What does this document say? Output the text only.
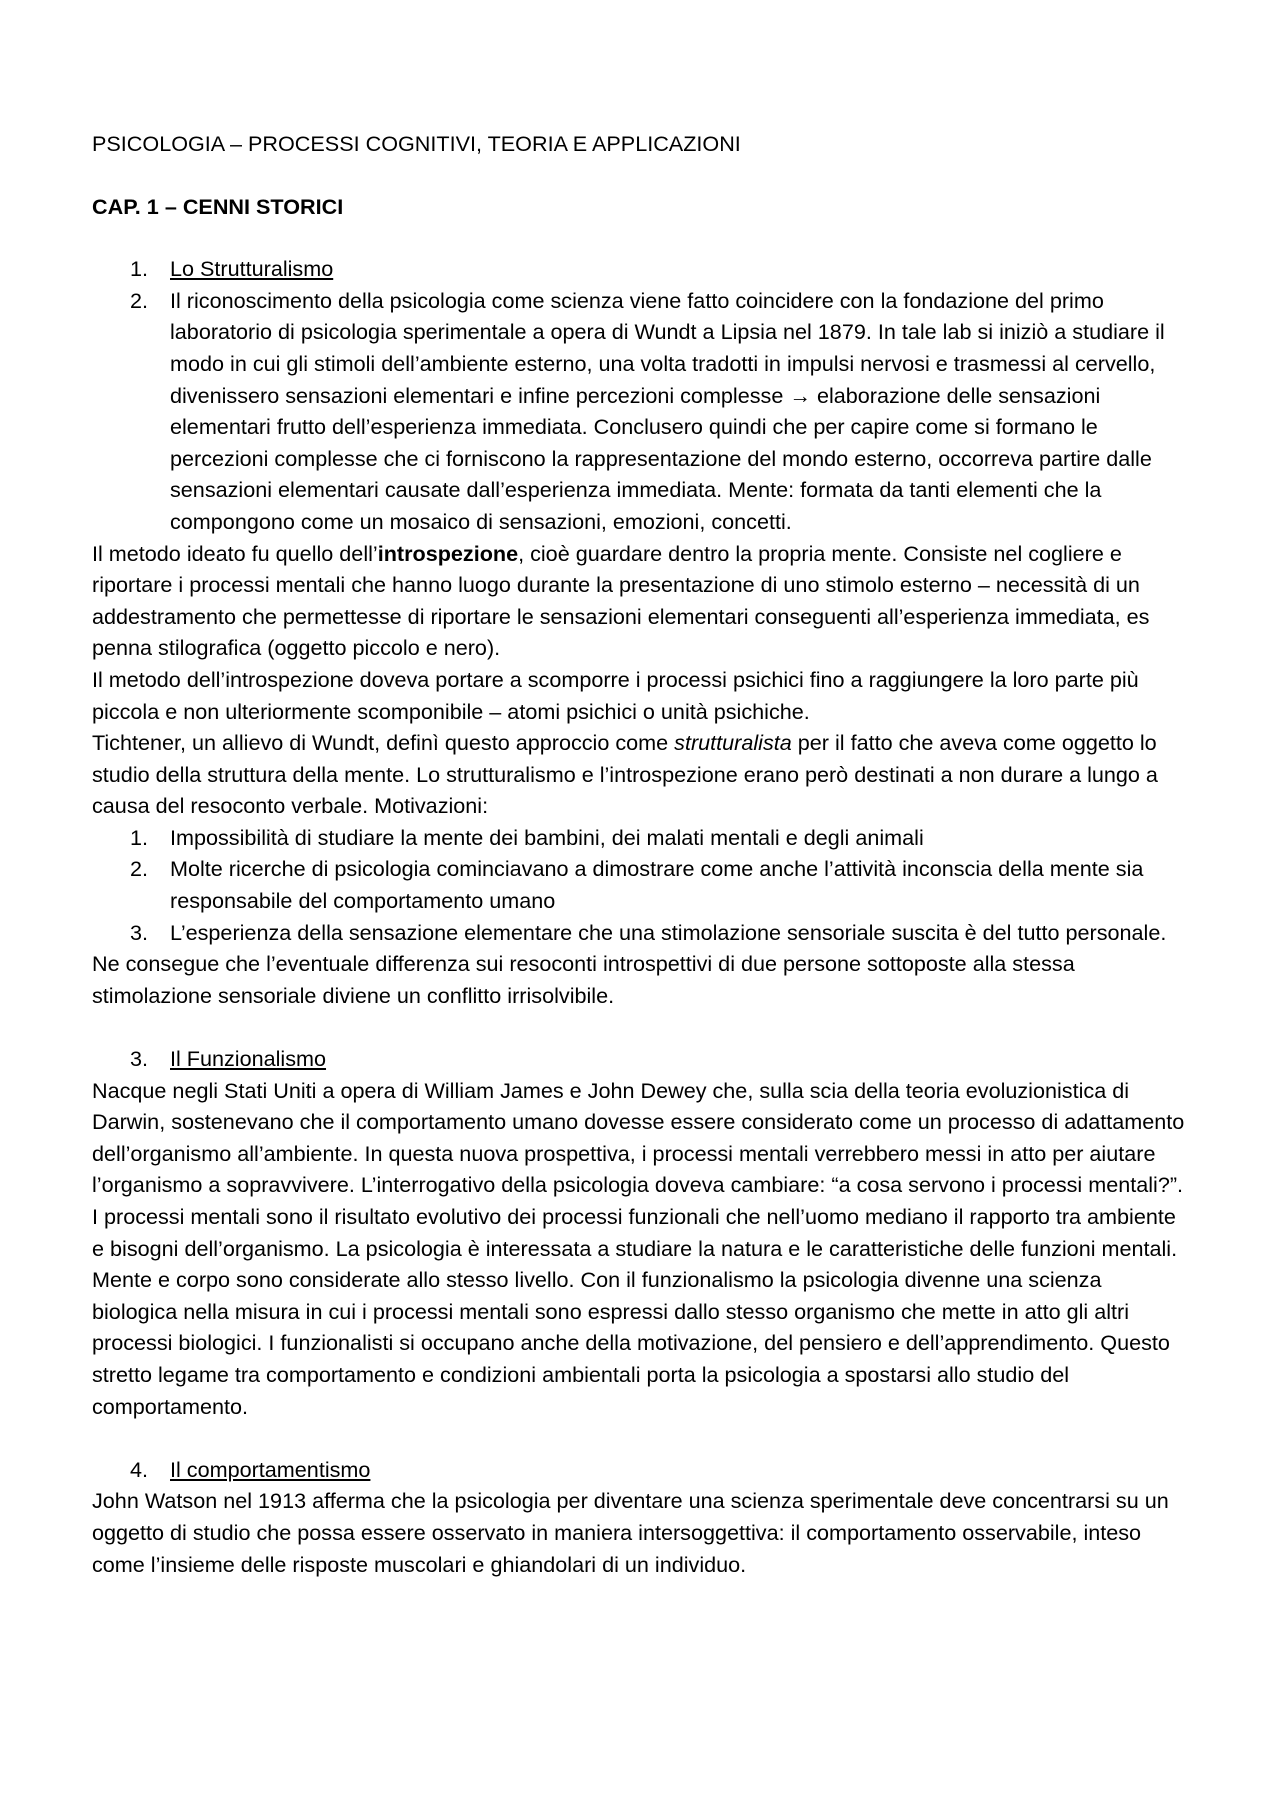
PSICOLOGIA – PROCESSI COGNITIVI, TEORIA E APPLICAZIONI

CAP. 1 – CENNI STORICI

1. Lo Strutturalismo
2. Il riconoscimento della psicologia come scienza viene fatto coincidere con la fondazione del primo laboratorio di psicologia sperimentale a opera di Wundt a Lipsia nel 1879. In tale lab si iniziò a studiare il modo in cui gli stimoli dell’ambiente esterno, una volta tradotti in impulsi nervosi e trasmessi al cervello, divenissero sensazioni elementari e infine percezioni complesse → elaborazione delle sensazioni elementari frutto dell’esperienza immediata. Conclusero quindi che per capire come si formano le percezioni complesse che ci forniscono la rappresentazione del mondo esterno, occorreva partire dalle sensazioni elementari causate dall’esperienza immediata. Mente: formata da tanti elementi che la compongono come un mosaico di sensazioni, emozioni, concetti.

Il metodo ideato fu quello dell’introspezione, cioè guardare dentro la propria mente. Consiste nel cogliere e riportare i processi mentali che hanno luogo durante la presentazione di uno stimolo esterno – necessità di un addestramento che permettesse di riportare le sensazioni elementari conseguenti all’esperienza immediata, es penna stilografica (oggetto piccolo e nero).

Il metodo dell’introspezione doveva portare a scomporre i processi psichici fino a raggiungere la loro parte più piccola e non ulteriormente scomponibile – atomi psichici o unità psichiche.

Tichtener, un allievo di Wundt, definì questo approccio come strutturalista per il fatto che aveva come oggetto lo studio della struttura della mente. Lo strutturalismo e l’introspezione erano però destinati a non durare a lungo a causa del resoconto verbale. Motivazioni:

1. Impossibilità di studiare la mente dei bambini, dei malati mentali e degli animali
2. Molte ricerche di psicologia cominciavano a dimostrare come anche l’attività inconscia della mente sia responsabile del comportamento umano
3. L’esperienza della sensazione elementare che una stimolazione sensoriale suscita è del tutto personale.

Ne consegue che l’eventuale differenza sui resoconti introspettivi di due persone sottoposte alla stessa stimolazione sensoriale diviene un conflitto irrisolvibile.

3. Il Funzionalismo

Nacque negli Stati Uniti a opera di William James e John Dewey che, sulla scia della teoria evoluzionistica di Darwin, sostenevano che il comportamento umano dovesse essere considerato come un processo di adattamento dell’organismo all’ambiente. In questa nuova prospettiva, i processi mentali verrebbero messi in atto per aiutare l’organismo a sopravvivere. L’interrogativo della psicologia doveva cambiare: “a cosa servono i processi mentali?”. I processi mentali sono il risultato evolutivo dei processi funzionali che nell’uomo mediano il rapporto tra ambiente e bisogni dell’organismo. La psicologia è interessata a studiare la natura e le caratteristiche delle funzioni mentali. Mente e corpo sono considerate allo stesso livello. Con il funzionalismo la psicologia divenne una scienza biologica nella misura in cui i processi mentali sono espressi dallo stesso organismo che mette in atto gli altri processi biologici. I funzionalisti si occupano anche della motivazione, del pensiero e dell’apprendimento. Questo stretto legame tra comportamento e condizioni ambientali porta la psicologia a spostarsi allo studio del comportamento.

4. Il comportamentismo

John Watson nel 1913 afferma che la psicologia per diventare una scienza sperimentale deve concentrarsi su un oggetto di studio che possa essere osservato in maniera intersoggettiva: il comportamento osservabile, inteso come l’insieme delle risposte muscolari e ghiandolari di un individuo.
